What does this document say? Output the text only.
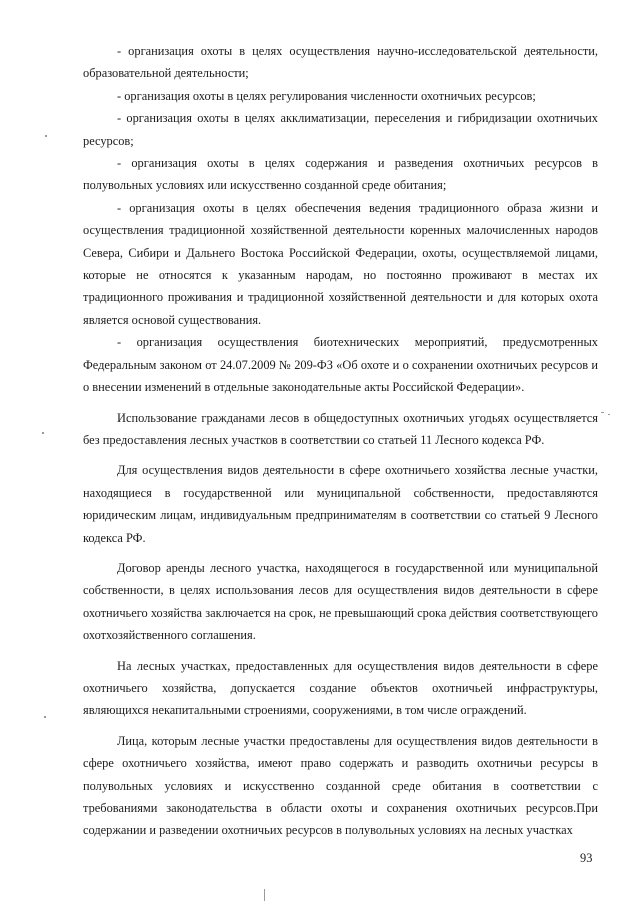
- организация охоты в целях осуществления научно-исследовательской деятельности, образовательной деятельности;

- организация охоты в целях регулирования численности охотничьих ресурсов;

- организация охоты в целях акклиматизации, переселения и гибридизации охотничьих ресурсов;

- организация охоты в целях содержания и разведения охотничьих ресурсов в полувольных условиях или искусственно созданной среде обитания;

- организация охоты в целях обеспечения ведения традиционного образа жизни и осуществления традиционной хозяйственной деятельности коренных малочисленных народов Севера, Сибири и Дальнего Востока Российской Федерации, охоты, осуществляемой лицами, которые не относятся к указанным народам, но постоянно проживают в местах их традиционного проживания и традиционной хозяйственной деятельности и для которых охота является основой существования.

- организация осуществления биотехнических мероприятий, предусмотренных Федеральным законом от 24.07.2009 № 209-ФЗ «Об охоте и о сохранении охотничьих ресурсов и о внесении изменений в отдельные законодательные акты Российской Федерации».

Использование гражданами лесов в общедоступных охотничьих угодьях осуществляется без предоставления лесных участков в соответствии со статьей 11 Лесного кодекса РФ.

Для осуществления видов деятельности в сфере охотничьего хозяйства лесные участки, находящиеся в государственной или муниципальной собственности, предоставляются юридическим лицам, индивидуальным предпринимателям в соответствии со статьей 9 Лесного кодекса РФ.

Договор аренды лесного участка, находящегося в государственной или муниципальной собственности, в целях использования лесов для осуществления видов деятельности в сфере охотничьего хозяйства заключается на срок, не превышающий срока действия соответствующего охотхозяйственного соглашения.

На лесных участках, предоставленных для осуществления видов деятельности в сфере охотничьего хозяйства, допускается создание объектов охотничьей инфраструктуры, являющихся некапитальными строениями, сооружениями, в том числе ограждений.

Лица, которым лесные участки предоставлены для осуществления видов деятельности в сфере охотничьего хозяйства, имеют право содержать и разводить охотничьи ресурсы в полувольных условиях и искусственно созданной среде обитания в соответствии с требованиями законодательства в области охоты и сохранения охотничьих ресурсов.При содержании и разведении охотничьих ресурсов в полувольных условиях на лесных участках

93
